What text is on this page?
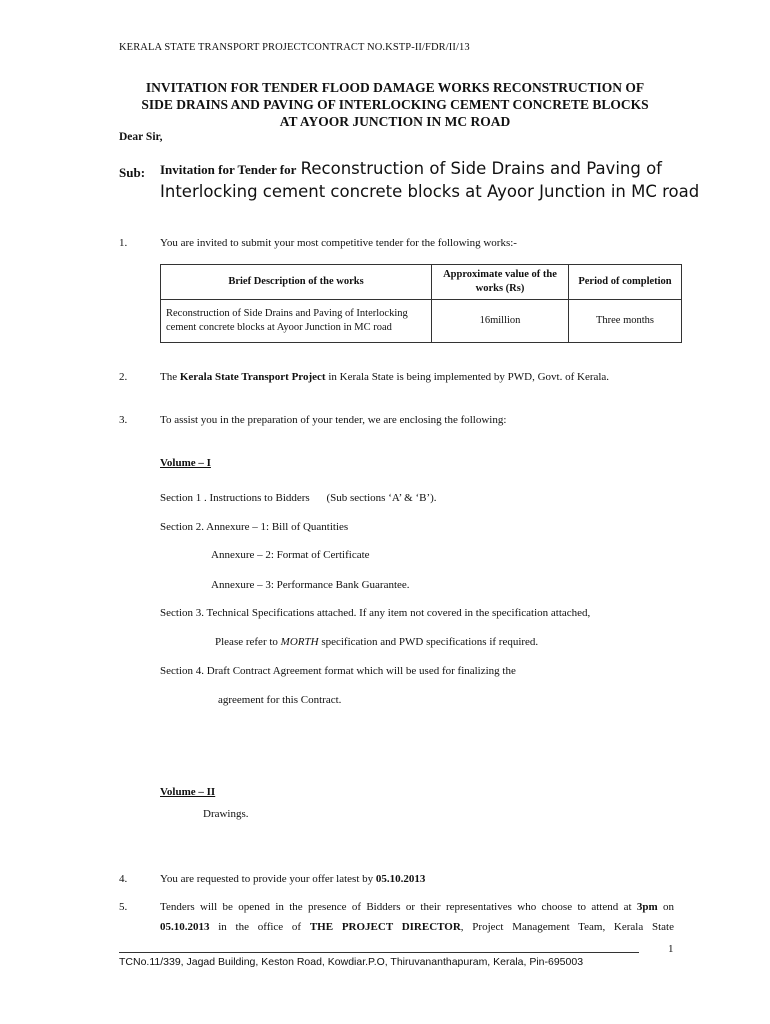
KERALA STATE TRANSPORT PROJECTCONTRACT NO.KSTP-II/FDR/II/13
INVITATION FOR TENDER FLOOD DAMAGE WORKS RECONSTRUCTION OF
SIDE DRAINS AND PAVING OF INTERLOCKING CEMENT CONCRETE BLOCKS
AT AYOOR JUNCTION IN MC ROAD
Dear Sir,
Sub: Invitation for Tender for Reconstruction of Side Drains and Paving of Interlocking cement concrete blocks at Ayoor Junction in MC road
1.	You are invited to submit your most competitive tender for the following works:-
Brief Description of the works	Approximate value of the works (Rs)	Period of completion
Reconstruction of Side Drains and Paving of Interlocking cement concrete blocks at Ayoor Junction in MC road	16million	Three months
2.	The Kerala State Transport Project in Kerala State is being implemented by PWD, Govt. of Kerala.
3.	To assist you in the preparation of your tender, we are enclosing the following:
Volume – I
Section 1 . Instructions to Bidders (Sub sections ‘A’ & ‘B’).
Section 2. Annexure – 1: Bill of Quantities
Annexure – 2: Format of Certificate
Annexure – 3: Performance Bank Guarantee.
Section 3. Technical Specifications attached. If any item not covered in the specification attached,
Please refer to MORTH specification and PWD specifications if required.
Section 4. Draft Contract Agreement format which will be used for finalizing the
agreement for this Contract.
Volume – II
Drawings.
4.	You are requested to provide your offer latest by 05.10.2013
5.	Tenders will be opened in the presence of Bidders or their representatives who choose to attend at 3pm on
05.10.2013 in the office of THE PROJECT DIRECTOR, Project Management Team, Kerala State
1
TCNo.11/339, Jagad Building, Keston Road, Kowdiar.P.O, Thiruvananthapuram, Kerala, Pin-695003
